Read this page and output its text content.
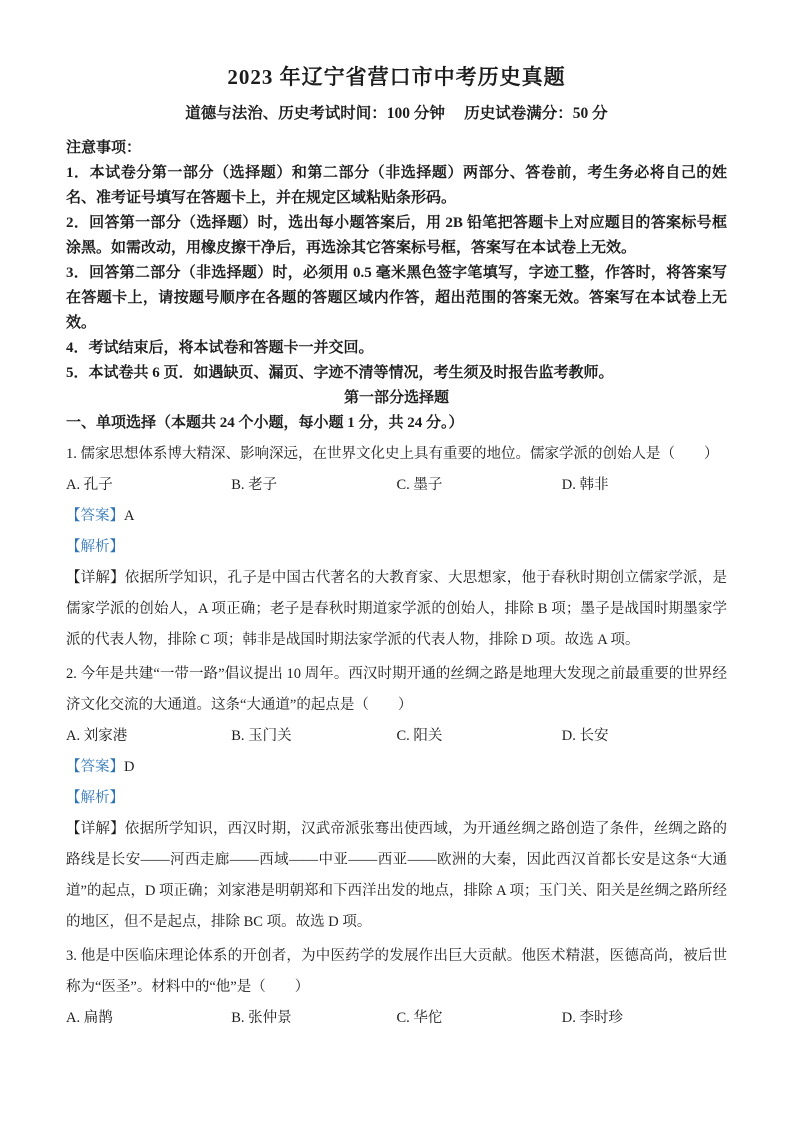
2023 年辽宁省营口市中考历史真题
道德与法治、历史考试时间：100 分钟　 历史试卷满分：50 分
注意事项：

1．本试卷分第一部分（选择题）和第二部分（非选择题）两部分、答卷前，考生务必将自己的姓名、准考证号填写在答题卡上，并在规定区域粘贴条形码。

2．回答第一部分（选择题）时，选出每小题答案后，用 2B 铅笔把答题卡上对应题目的答案标号框涂黑。如需改动，用橡皮擦干净后，再选涂其它答案标号框，答案写在本试卷上无效。

3．回答第二部分（非选择题）时，必须用 0.5 毫米黑色签字笔填写，字迹工整，作答时，将答案写在答题卡上，请按题号顺序在各题的答题区域内作答，超出范围的答案无效。答案写在本试卷上无效。

4．考试结束后，将本试卷和答题卡一并交回。

5．本试卷共 6 页．如遇缺页、漏页、字迹不清等情况，考生须及时报告监考教师。

第一部分选择题
一、单项选择（本题共 24 个小题，每小题 1 分，共 24 分。）

1. 儒家思想体系博大精深、影响深远，在世界文化史上具有重要的地位。儒家学派的创始人是（　　）

A. 孔子	B. 老子	C. 墨子	D. 韩非

【答案】A

【解析】

【详解】依据所学知识，孔子是中国古代著名的大教育家、大思想家，他于春秋时期创立儒家学派，是儒家学派的创始人，A 项正确；老子是春秋时期道家学派的创始人，排除 B 项；墨子是战国时期墨家学派的代表人物，排除 C 项；韩非是战国时期法家学派的代表人物，排除 D 项。故选 A 项。

2. 今年是共建“一带一路”倡议提出 10 周年。西汉时期开通的丝绸之路是地理大发现之前最重要的世界经济文化交流的大通道。这条“大通道”的起点是（　　）

A. 刘家港	B. 玉门关	C. 阳关	D. 长安

【答案】D

【解析】

【详解】依据所学知识，西汉时期，汉武帝派张骞出使西域，为开通丝绸之路创造了条件，丝绸之路的路线是长安——河西走廊——西域——中亚——西亚——欧洲的大秦，因此西汉首都长安是这条“大通道”的起点，D 项正确；刘家港是明朝郑和下西洋出发的地点，排除 A 项；玉门关、阳关是丝绸之路所经的地区，但不是起点，排除 BC 项。故选 D 项。

3. 他是中医临床理论体系的开创者，为中医药学的发展作出巨大贡献。他医术精湛，医德高尚，被后世称为“医圣”。材料中的“他”是（　　）

A. 扁鹊	B. 张仲景	C. 华佗	D. 李时珍
